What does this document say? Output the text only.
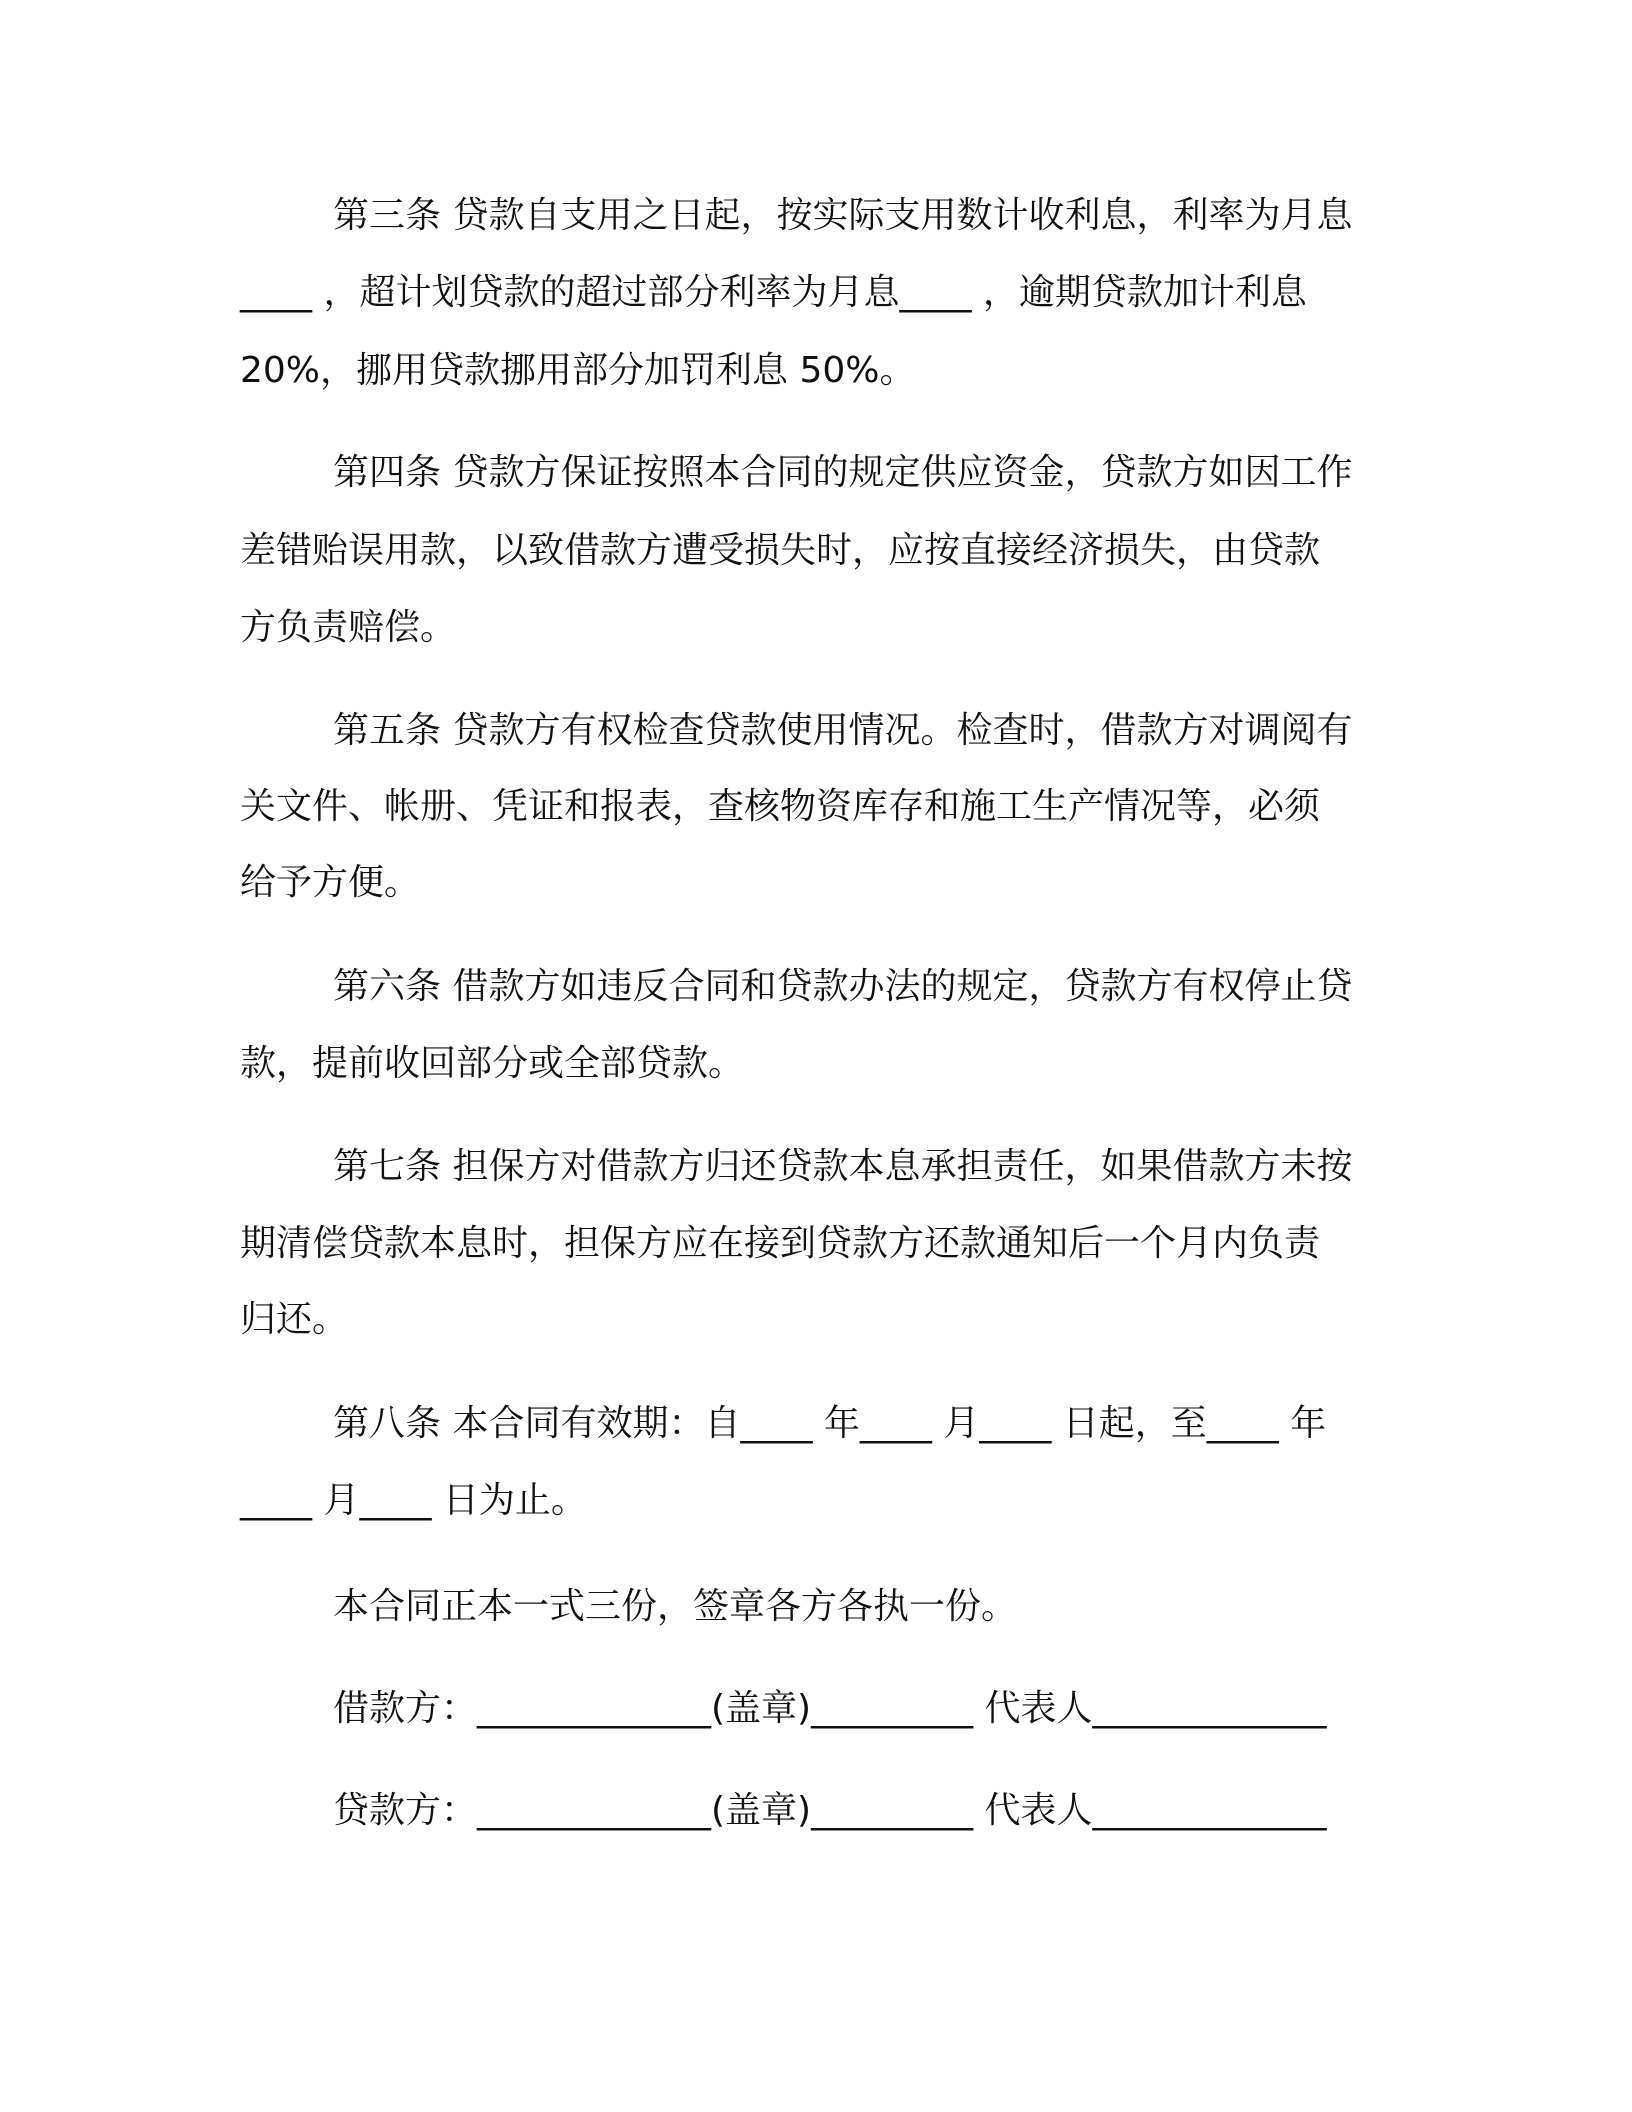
第三条 贷款自支用之日起，按实际支用数计收利息，利率为月息
____ ，超计划贷款的超过部分利率为月息____ ，逾期贷款加计利息
20%，挪用贷款挪用部分加罚利息 50%。
第四条 贷款方保证按照本合同的规定供应资金，贷款方如因工作
差错贻误用款，以致借款方遭受损失时，应按直接经济损失，由贷款
方负责赔偿。
第五条 贷款方有权检查贷款使用情况。检查时，借款方对调阅有
关文件、帐册、凭证和报表，查核物资库存和施工生产情况等，必须
给予方便。
第六条 借款方如违反合同和贷款办法的规定，贷款方有权停止贷
款，提前收回部分或全部贷款。
第七条 担保方对借款方归还贷款本息承担责任，如果借款方未按
期清偿贷款本息时，担保方应在接到贷款方还款通知后一个月内负责
归还。
第八条 本合同有效期：自____ 年____ 月____ 日起，至____ 年
____ 月____ 日为止。
本合同正本一式三份，签章各方各执一份。
借款方：_____________(盖章)_________ 代表人_____________
贷款方：_____________(盖章)_________ 代表人_____________
